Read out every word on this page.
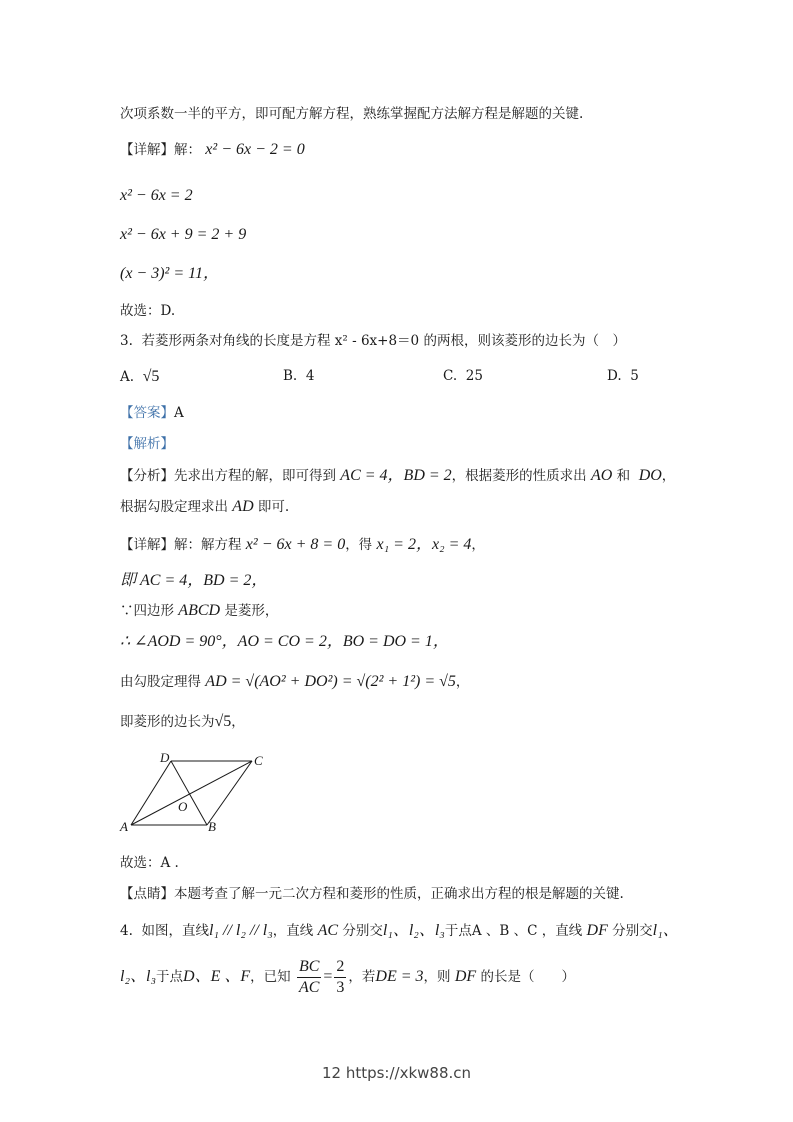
次项系数一半的平方，即可配方解方程，熟练掌握配方法解方程是解题的关键.
【详解】解： x² − 6x − 2 = 0
x² − 6x = 2
x² − 6x + 9 = 2 + 9
(x − 3)² = 11，
故选：D.
3. 若菱形两条对角线的长度是方程 x² - 6x+8＝0 的两根，则该菱形的边长为（　）
A. √5	B. 4	C. 25	D. 5
【答案】A
【解析】
【分析】先求出方程的解，即可得到 AC = 4，BD = 2，根据菱形的性质求出 AO 和 DO，
根据勾股定理求出 AD 即可.
【详解】解：解方程 x² − 6x + 8 = 0，得 x₁ = 2，x₂ = 4，
即 AC = 4，BD = 2，
∵四边形 ABCD 是菱形，
∴ ∠AOD = 90°，AO = CO = 2，BO = DO = 1，
由勾股定理得 AD = √(AO² + DO²) = √(2² + 1²) = √5，
即菱形的边长为√5，
D	C
A	B
O
故选：A .
【点睛】本题考查了解一元二次方程和菱形的性质，正确求出方程的根是解题的关键.
4. 如图，直线l₁ // l₂ // l₃，直线 AC 分别交l₁、l₂、l₃于点A 、B 、C ，直线 DF 分别交l₁、
l₂、l₃于点D、E 、F，已知 $\frac{BC}{AC} = \frac{2}{3}$ ，若DE = 3，则 DF 的长是（　　）
12 https://xkw88.cn
